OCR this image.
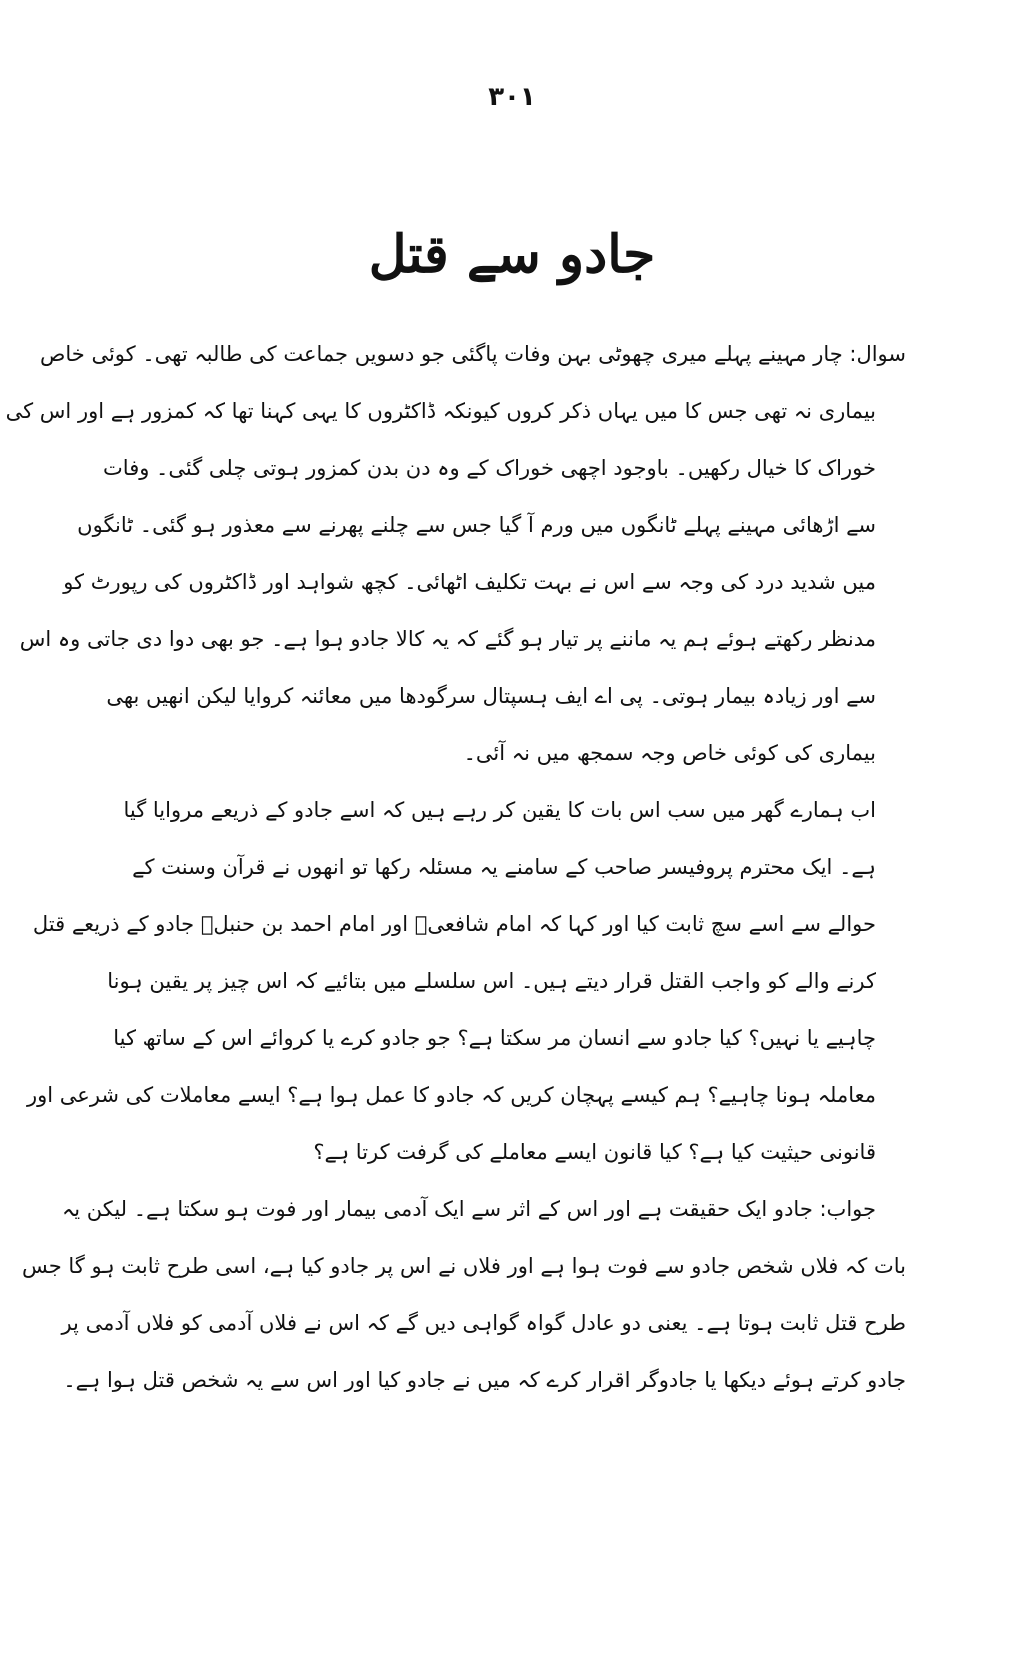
۳۰۱
جادو سے قتل
سوال: چار مہینے پہلے میری چھوٹی بہن وفات پاگئی جو دسویں جماعت کی طالبہ تھی۔ کوئی خاص
بیماری نہ تھی جس کا میں یہاں ذکر کروں کیونکہ ڈاکٹروں کا یہی کہنا تھا کہ کمزور ہے اور اس کی
خوراک کا خیال رکھیں۔ باوجود اچھی خوراک کے وہ دن بدن کمزور ہوتی چلی گئی۔ وفات
سے اڑھائی مہینے پہلے ٹانگوں میں ورم آ گیا جس سے چلنے پھرنے سے معذور ہو گئی۔ ٹانگوں
میں شدید درد کی وجہ سے اس نے بہت تکلیف اٹھائی۔ کچھ شواہد اور ڈاکٹروں کی رپورٹ کو
مدنظر رکھتے ہوئے ہم یہ ماننے پر تیار ہو گئے کہ یہ کالا جادو ہوا ہے۔ جو بھی دوا دی جاتی وہ اس
سے اور زیادہ بیمار ہوتی۔ پی اے ایف ہسپتال سرگودھا میں معائنہ کروایا لیکن انھیں بھی
بیماری کی کوئی خاص وجہ سمجھ میں نہ آئی۔
اب ہمارے گھر میں سب اس بات کا یقین کر رہے ہیں کہ اسے جادو کے ذریعے مروایا گیا
ہے۔ ایک محترم پروفیسر صاحب کے سامنے یہ مسئلہ رکھا تو انھوں نے قرآن وسنت کے
حوالے سے اسے سچ ثابت کیا اور کہا کہ امام شافعیؒ اور امام احمد بن حنبلؒ جادو کے ذریعے قتل
کرنے والے کو واجب القتل قرار دیتے ہیں۔ اس سلسلے میں بتائیے کہ اس چیز پر یقین ہونا
چاہیے یا نہیں؟ کیا جادو سے انسان مر سکتا ہے؟ جو جادو کرے یا کروائے اس کے ساتھ کیا
معاملہ ہونا چاہیے؟ ہم کیسے پہچان کریں کہ جادو کا عمل ہوا ہے؟ ایسے معاملات کی شرعی اور
قانونی حیثیت کیا ہے؟ کیا قانون ایسے معاملے کی گرفت کرتا ہے؟
جواب: جادو ایک حقیقت ہے اور اس کے اثر سے ایک آدمی بیمار اور فوت ہو سکتا ہے۔ لیکن یہ
بات کہ فلاں شخص جادو سے فوت ہوا ہے اور فلاں نے اس پر جادو کیا ہے، اسی طرح ثابت ہو گا جس
طرح قتل ثابت ہوتا ہے۔ یعنی دو عادل گواہ گواہی دیں گے کہ اس نے فلاں آدمی کو فلاں آدمی پر
جادو کرتے ہوئے دیکھا یا جادوگر اقرار کرے کہ میں نے جادو کیا اور اس سے یہ شخص قتل ہوا ہے۔
